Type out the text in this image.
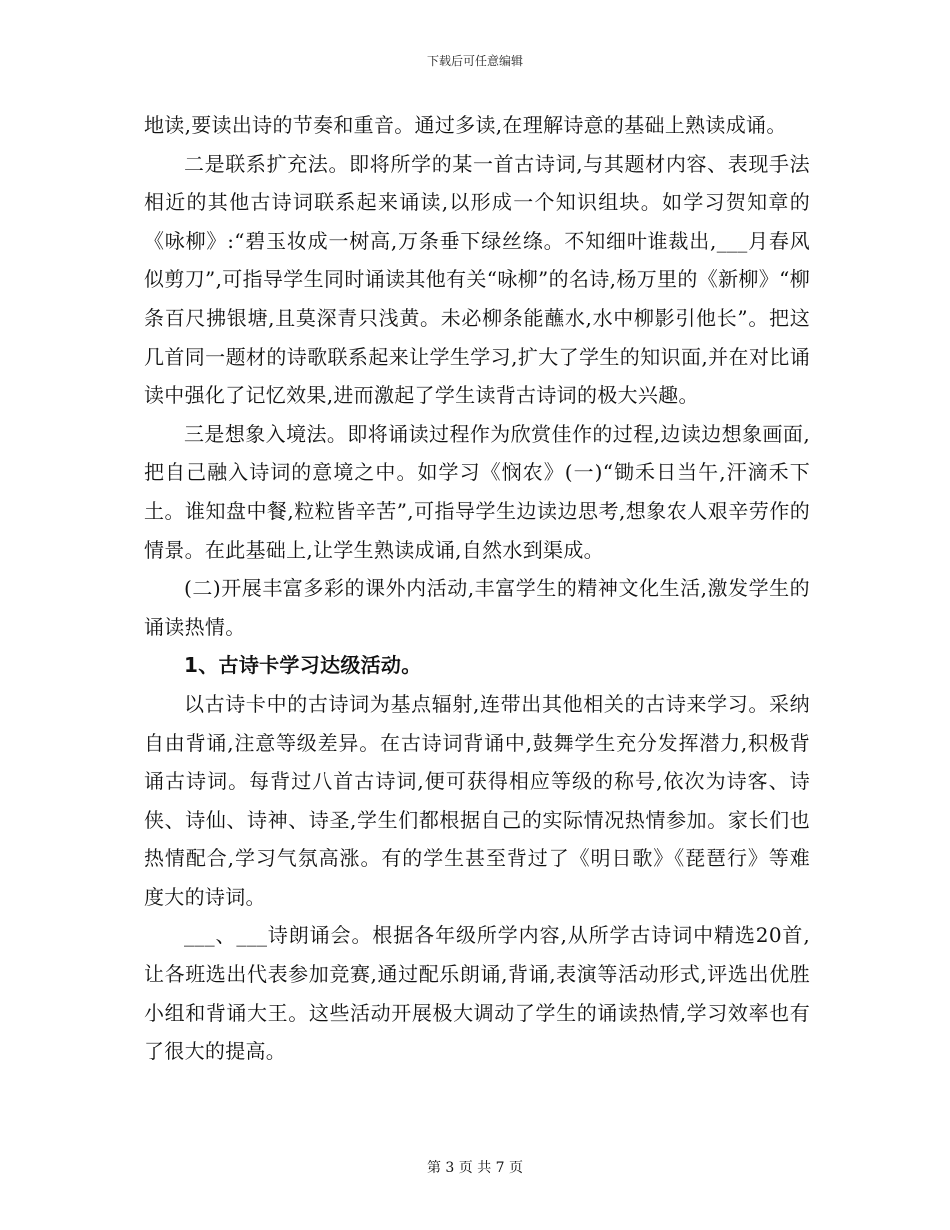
下载后可任意编辑

地读,要读出诗的节奏和重音。通过多读,在理解诗意的基础上熟读成诵。

二是联系扩充法。即将所学的某一首古诗词,与其题材内容、表现手法相近的其他古诗词联系起来诵读,以形成一个知识组块。如学习贺知章的《咏柳》:“碧玉妆成一树高,万条垂下绿丝绦。不知细叶谁裁出,___月春风似剪刀”,可指导学生同时诵读其他有关“咏柳”的名诗,杨万里的《新柳》“柳条百尺拂银塘,且莫深青只浅黄。未必柳条能蘸水,水中柳影引他长”。把这几首同一题材的诗歌联系起来让学生学习,扩大了学生的知识面,并在对比诵读中强化了记忆效果,进而激起了学生读背古诗词的极大兴趣。

三是想象入境法。即将诵读过程作为欣赏佳作的过程,边读边想象画面,把自己融入诗词的意境之中。如学习《悯农》(一)“锄禾日当午,汗滴禾下土。谁知盘中餐,粒粒皆辛苦”,可指导学生边读边思考,想象农人艰辛劳作的情景。在此基础上,让学生熟读成诵,自然水到渠成。

(二)开展丰富多彩的课外内活动,丰富学生的精神文化生活,激发学生的诵读热情。

1、古诗卡学习达级活动。

以古诗卡中的古诗词为基点辐射,连带出其他相关的古诗来学习。采纳自由背诵,注意等级差异。在古诗词背诵中,鼓舞学生充分发挥潜力,积极背诵古诗词。每背过八首古诗词,便可获得相应等级的称号,依次为诗客、诗侠、诗仙、诗神、诗圣,学生们都根据自己的实际情况热情参加。家长们也热情配合,学习气氛高涨。有的学生甚至背过了《明日歌》《琵琶行》等难度大的诗词。

___、___诗朗诵会。根据各年级所学内容,从所学古诗词中精选20首,让各班选出代表参加竞赛,通过配乐朗诵,背诵,表演等活动形式,评选出优胜小组和背诵大王。这些活动开展极大调动了学生的诵读热情,学习效率也有了很大的提高。

第 3 页 共 7 页
